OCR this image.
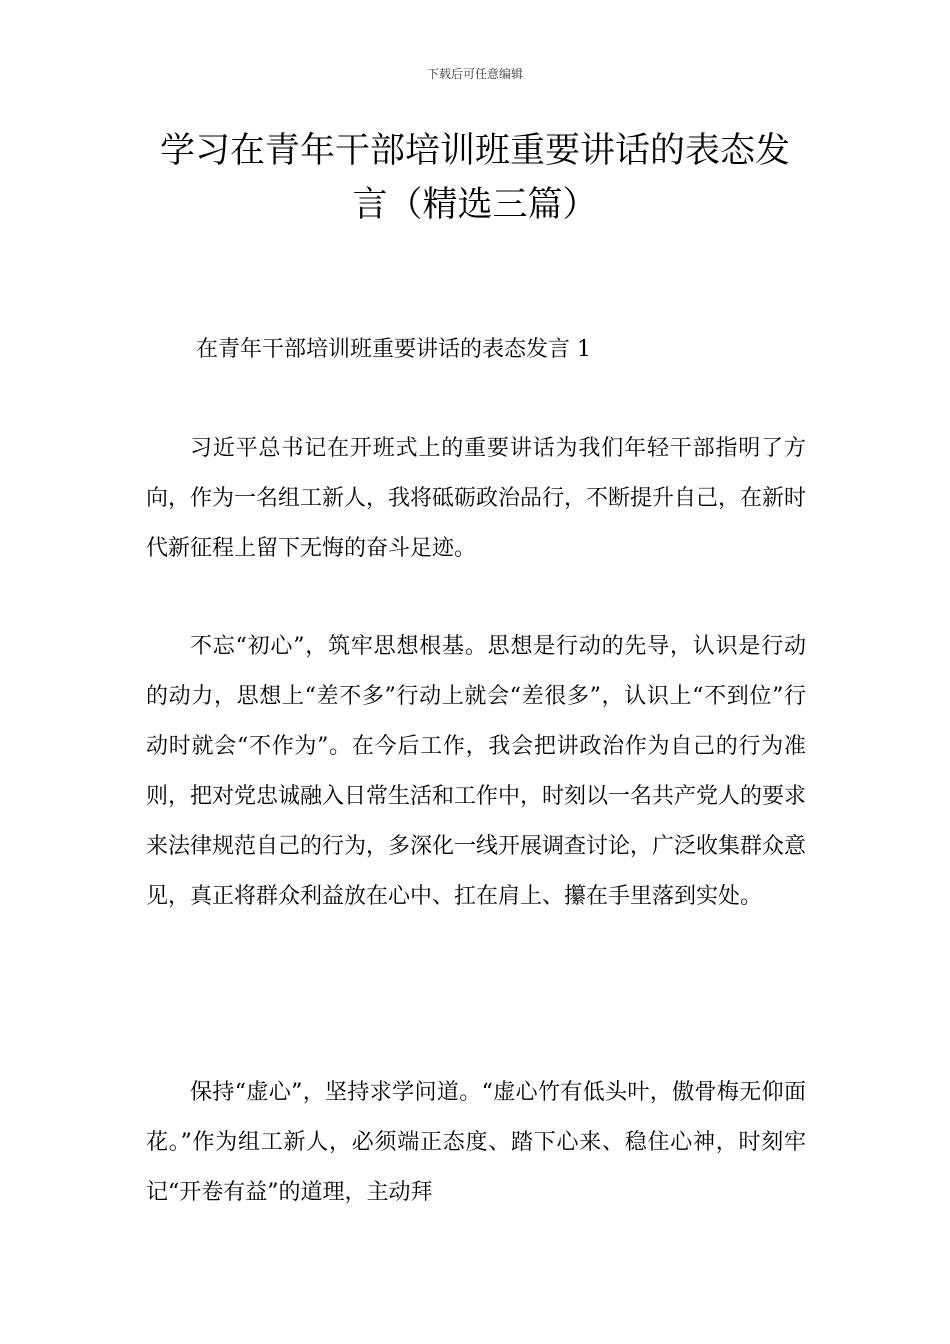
下载后可任意编辑
学习在青年干部培训班重要讲话的表态发
言（精选三篇）
在青年干部培训班重要讲话的表态发言 1

习近平总书记在开班式上的重要讲话为我们年轻干部指明了方向，作为一名组工新人，我将砥砺政治品行，不断提升自己，在新时代新征程上留下无悔的奋斗足迹。

不忘“初心”，筑牢思想根基。思想是行动的先导，认识是行动的动力，思想上“差不多”行动上就会“差很多”，认识上“不到位”行动时就会“不作为”。在今后工作，我会把讲政治作为自己的行为准则，把对党忠诚融入日常生活和工作中，时刻以一名共产党人的要求来法律规范自己的行为，多深化一线开展调查讨论，广泛收集群众意见，真正将群众利益放在心中、扛在肩上、攥在手里落到实处。

保持“虚心”，坚持求学问道。“虚心竹有低头叶，傲骨梅无仰面花。”作为组工新人，必须端正态度、踏下心来、稳住心神，时刻牢记“开卷有益”的道理，主动拜
